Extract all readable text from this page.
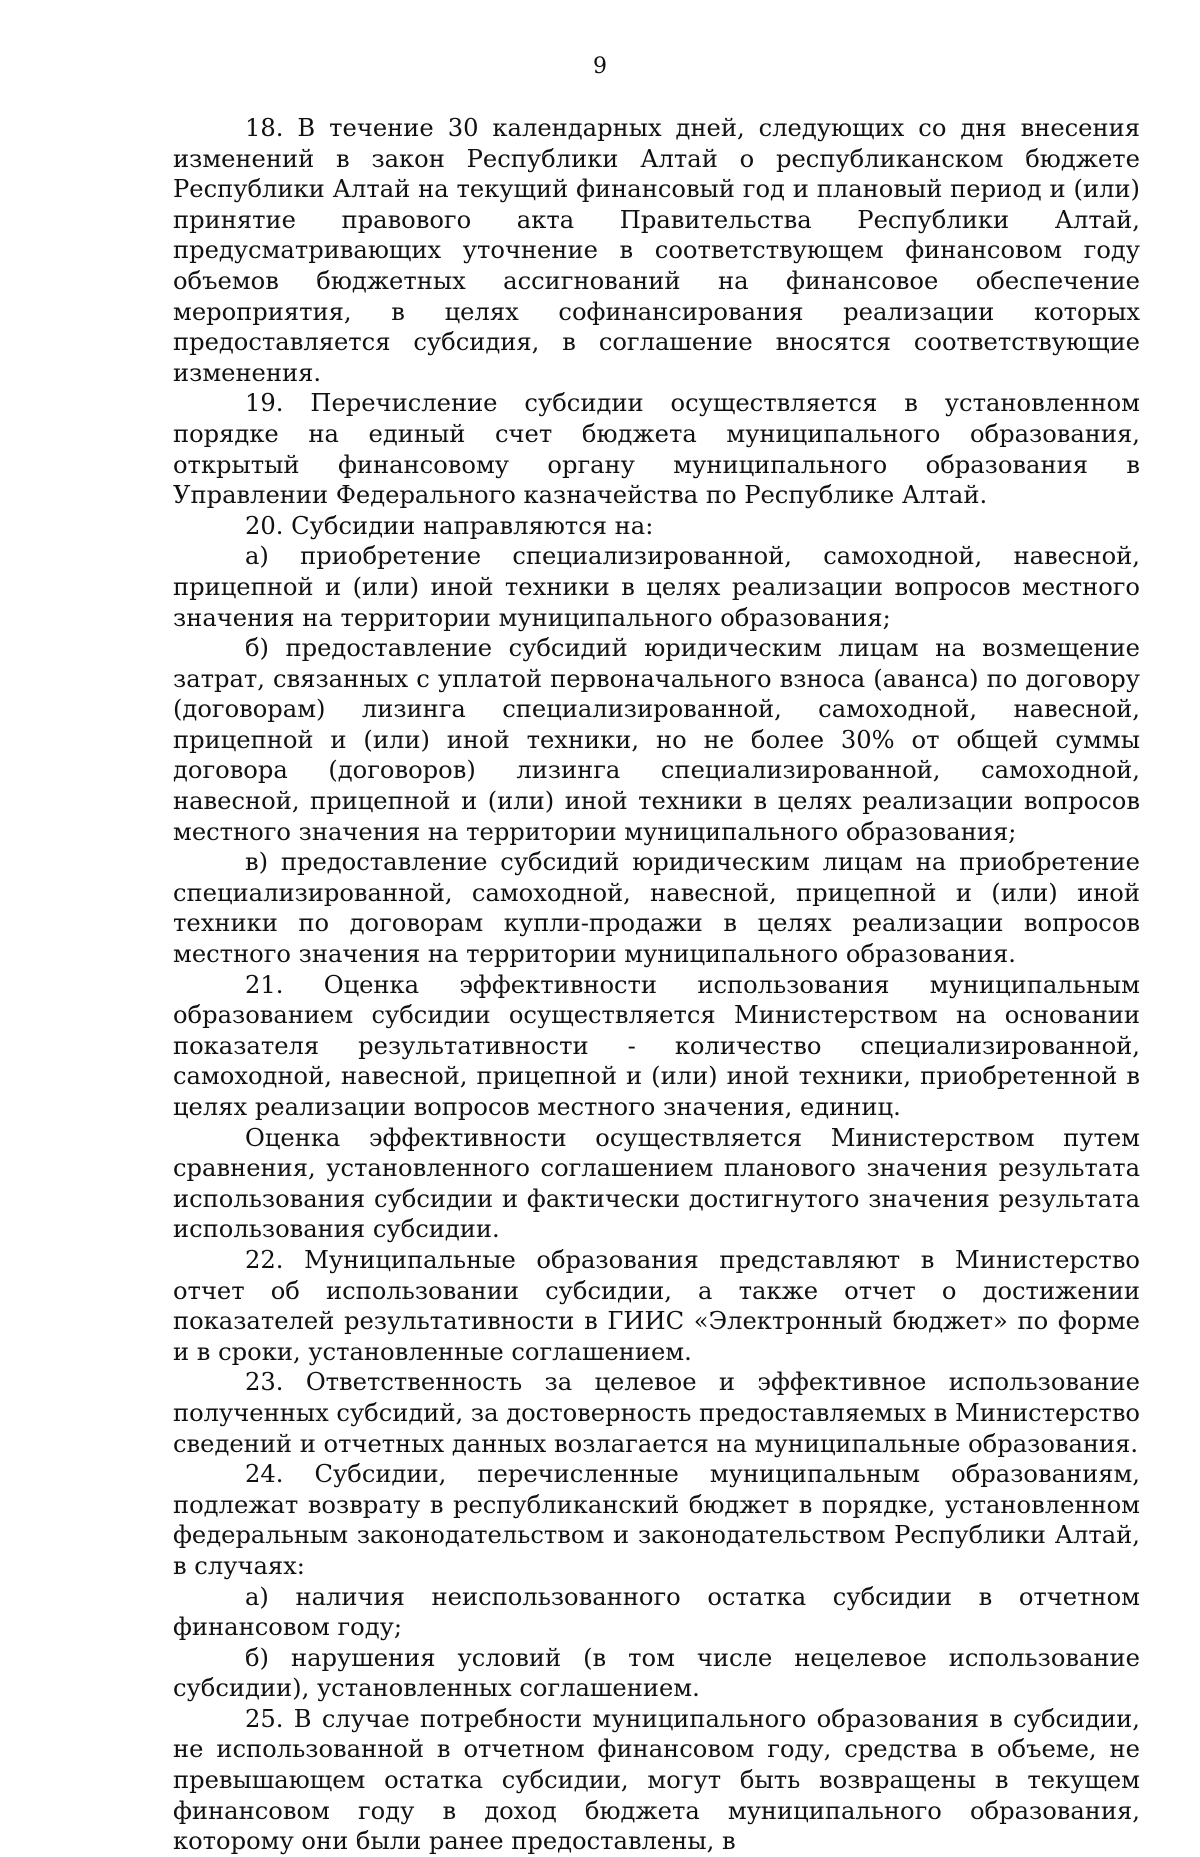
9

18. В течение 30 календарных дней, следующих со дня внесения изменений в закон Республики Алтай о республиканском бюджете Республики Алтай на текущий финансовый год и плановый период и (или) принятие правового акта Правительства Республики Алтай, предусматривающих уточнение в соответствующем финансовом году объемов бюджетных ассигнований на финансовое обеспечение мероприятия, в целях софинансирования реализации которых предоставляется субсидия, в соглашение вносятся соответствующие изменения.

19. Перечисление субсидии осуществляется в установленном порядке на единый счет бюджета муниципального образования, открытый финансовому органу муниципального образования в Управлении Федерального казначейства по Республике Алтай.

20. Субсидии направляются на:

а) приобретение специализированной, самоходной, навесной, прицепной и (или) иной техники в целях реализации вопросов местного значения на территории муниципального образования;

б) предоставление субсидий юридическим лицам на возмещение затрат, связанных с уплатой первоначального взноса (аванса) по договору (договорам) лизинга специализированной, самоходной, навесной, прицепной и (или) иной техники, но не более 30% от общей суммы договора (договоров) лизинга специализированной, самоходной, навесной, прицепной и (или) иной техники в целях реализации вопросов местного значения на территории муниципального образования;

в) предоставление субсидий юридическим лицам на приобретение специализированной, самоходной, навесной, прицепной и (или) иной техники по договорам купли-продажи в целях реализации вопросов местного значения на территории муниципального образования.

21. Оценка эффективности использования муниципальным образованием субсидии осуществляется Министерством на основании показателя результативности - количество специализированной, самоходной, навесной, прицепной и (или) иной техники, приобретенной в целях реализации вопросов местного значения, единиц.

Оценка эффективности осуществляется Министерством путем сравнения, установленного соглашением планового значения результата использования субсидии и фактически достигнутого значения результата использования субсидии.

22. Муниципальные образования представляют в Министерство отчет об использовании субсидии, а также отчет о достижении показателей результативности в ГИИС «Электронный бюджет» по форме и в сроки, установленные соглашением.

23. Ответственность за целевое и эффективное использование полученных субсидий, за достоверность предоставляемых в Министерство сведений и отчетных данных возлагается на муниципальные образования.

24. Субсидии, перечисленные муниципальным образованиям, подлежат возврату в республиканский бюджет в порядке, установленном федеральным законодательством и законодательством Республики Алтай, в случаях:

а) наличия неиспользованного остатка субсидии в отчетном финансовом году;

б) нарушения условий (в том числе нецелевое использование субсидии), установленных соглашением.

25. В случае потребности муниципального образования в субсидии, не использованной в отчетном финансовом году, средства в объеме, не превышающем остатка субсидии, могут быть возвращены в текущем финансовом году в доход бюджета муниципального образования, которому они были ранее предоставлены, в
